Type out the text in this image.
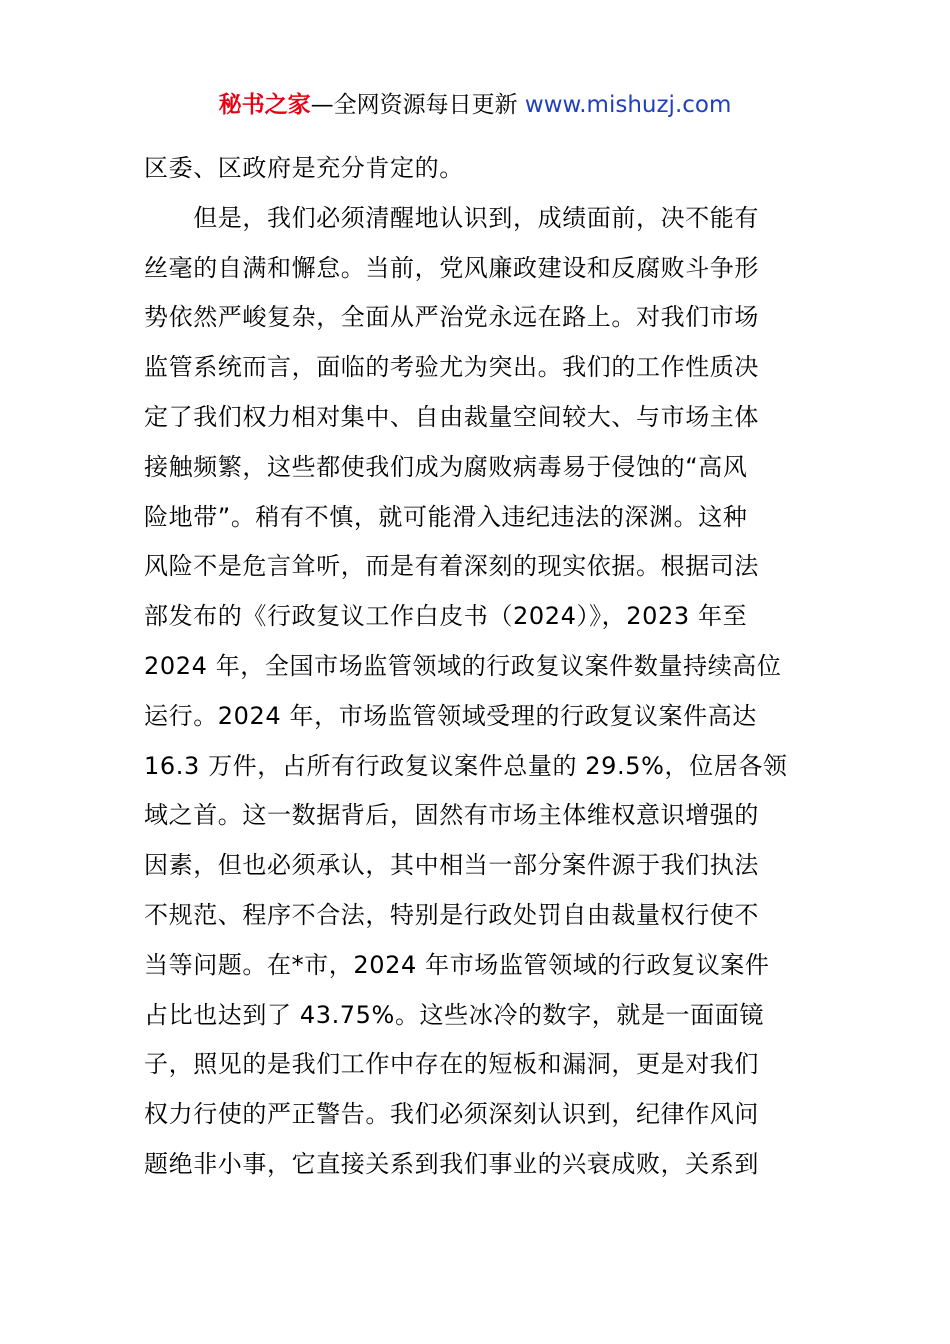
秘书之家—全网资源每日更新 www.mishuzj.com
区委、区政府是充分肯定的。
　　但是，我们必须清醒地认识到，成绩面前，决不能有
丝毫的自满和懈怠。当前，党风廉政建设和反腐败斗争形
势依然严峻复杂，全面从严治党永远在路上。对我们市场
监管系统而言，面临的考验尤为突出。我们的工作性质决
定了我们权力相对集中、自由裁量空间较大、与市场主体
接触频繁，这些都使我们成为腐败病毒易于侵蚀的“高风
险地带”。稍有不慎，就可能滑入违纪违法的深渊。这种
风险不是危言耸听，而是有着深刻的现实依据。根据司法
部发布的《行政复议工作白皮书（2024）》，2023 年至
2024 年，全国市场监管领域的行政复议案件数量持续高位
运行。2024 年，市场监管领域受理的行政复议案件高达
16.3 万件，占所有行政复议案件总量的 29.5%，位居各领
域之首。这一数据背后，固然有市场主体维权意识增强的
因素，但也必须承认，其中相当一部分案件源于我们执法
不规范、程序不合法，特别是行政处罚自由裁量权行使不
当等问题。在*市，2024 年市场监管领域的行政复议案件
占比也达到了 43.75%。这些冰冷的数字，就是一面面镜
子，照见的是我们工作中存在的短板和漏洞，更是对我们
权力行使的严正警告。我们必须深刻认识到，纪律作风问
题绝非小事，它直接关系到我们事业的兴衰成败，关系到
